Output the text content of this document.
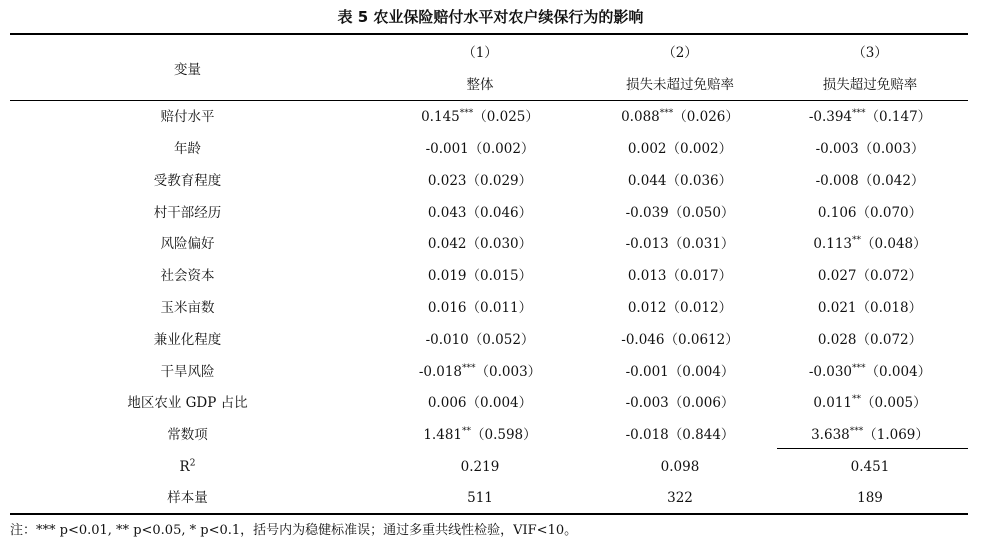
表 5 农业保险赔付水平对农户续保行为的影响
变量
（1）	（2）	（3）
整体	损失未超过免赔率	损失超过免赔率
赔付水平	0.145***（0.025）	0.088***（0.026）	-0.394***（0.147）
年龄	-0.001（0.002）	0.002（0.002）	-0.003（0.003）
受教育程度	0.023（0.029）	0.044（0.036）	-0.008（0.042）
村干部经历	0.043（0.046）	-0.039（0.050）	0.106（0.070）
风险偏好	0.042（0.030）	-0.013（0.031）	0.113**（0.048）
社会资本	0.019（0.015）	0.013（0.017）	0.027（0.072）
玉米亩数	0.016（0.011）	0.012（0.012）	0.021（0.018）
兼业化程度	-0.010（0.052）	-0.046（0.0612）	0.028（0.072）
干旱风险	-0.018***（0.003）	-0.001（0.004）	-0.030***（0.004）
地区农业 GDP 占比	0.006（0.004）	-0.003（0.006）	0.011**（0.005）
常数项	1.481**（0.598）	-0.018（0.844）	3.638***（1.069）
$R^2$	0.219	0.098	0.451
样本量	511	322	189
注：*** p<0.01, ** p<0.05, * p<0.1，括号内为稳健标准误；通过多重共线性检验，VIF<10。
